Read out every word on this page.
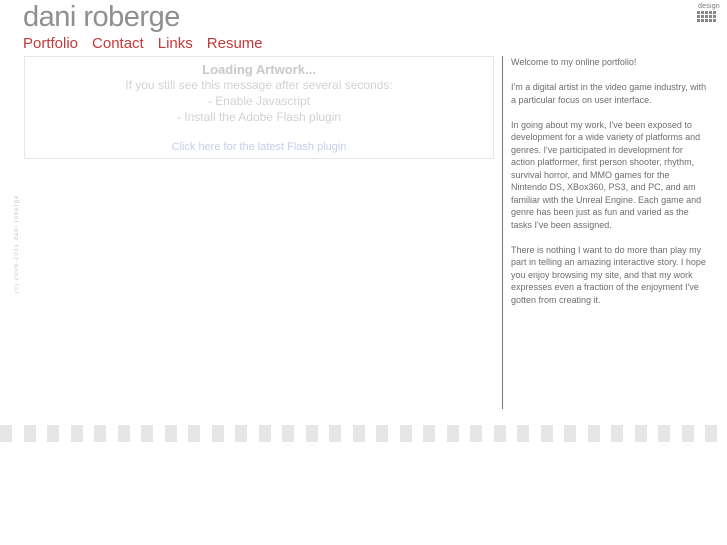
dani roberge	design
Portfolio Contact Links Resume
Loading Artwork...
If you still see this message after several seconds:
- Enable Javascript
- Install the Adobe Flash plugin
Click here for the latest Flash plugin
(c) 2006-2011 dani roberge

Welcome to my online portfolio!

I'm a digital artist in the video game industry, with a particular focus on user interface.

In going about my work, I've been exposed to development for a wide variety of platforms and genres. I've participated in development for action platformer, first person shooter, rhythm, survival horror, and MMO games for the Nintendo DS, XBox360, PS3, and PC, and am familiar with the Unreal Engine. Each game and genre has been just as fun and varied as the tasks I've been assigned.

There is nothing I want to do more than play my part in telling an amazing interactive story. I hope you enjoy browsing my site, and that my work expresses even a fraction of the enjoyment I've gotten from creating it.
